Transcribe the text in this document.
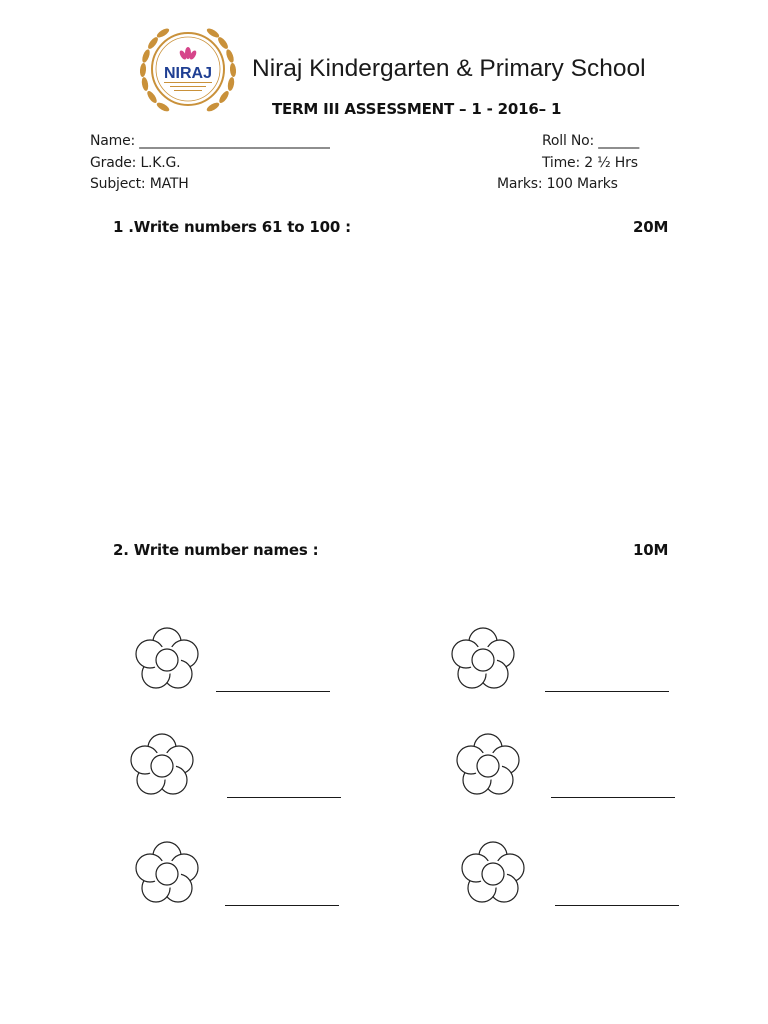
NIRAJ Niraj Kindergarten & Primary School
TERM III ASSESSMENT – 1 - 2016– 1
Name: ____________________________
Grade: L.K.G.
Subject: MATH
Roll No: ______
Time: 2 ½ Hrs
Marks: 100 Marks
1 .Write numbers 61 to 100 :	20M
2. Write number names :	10M
